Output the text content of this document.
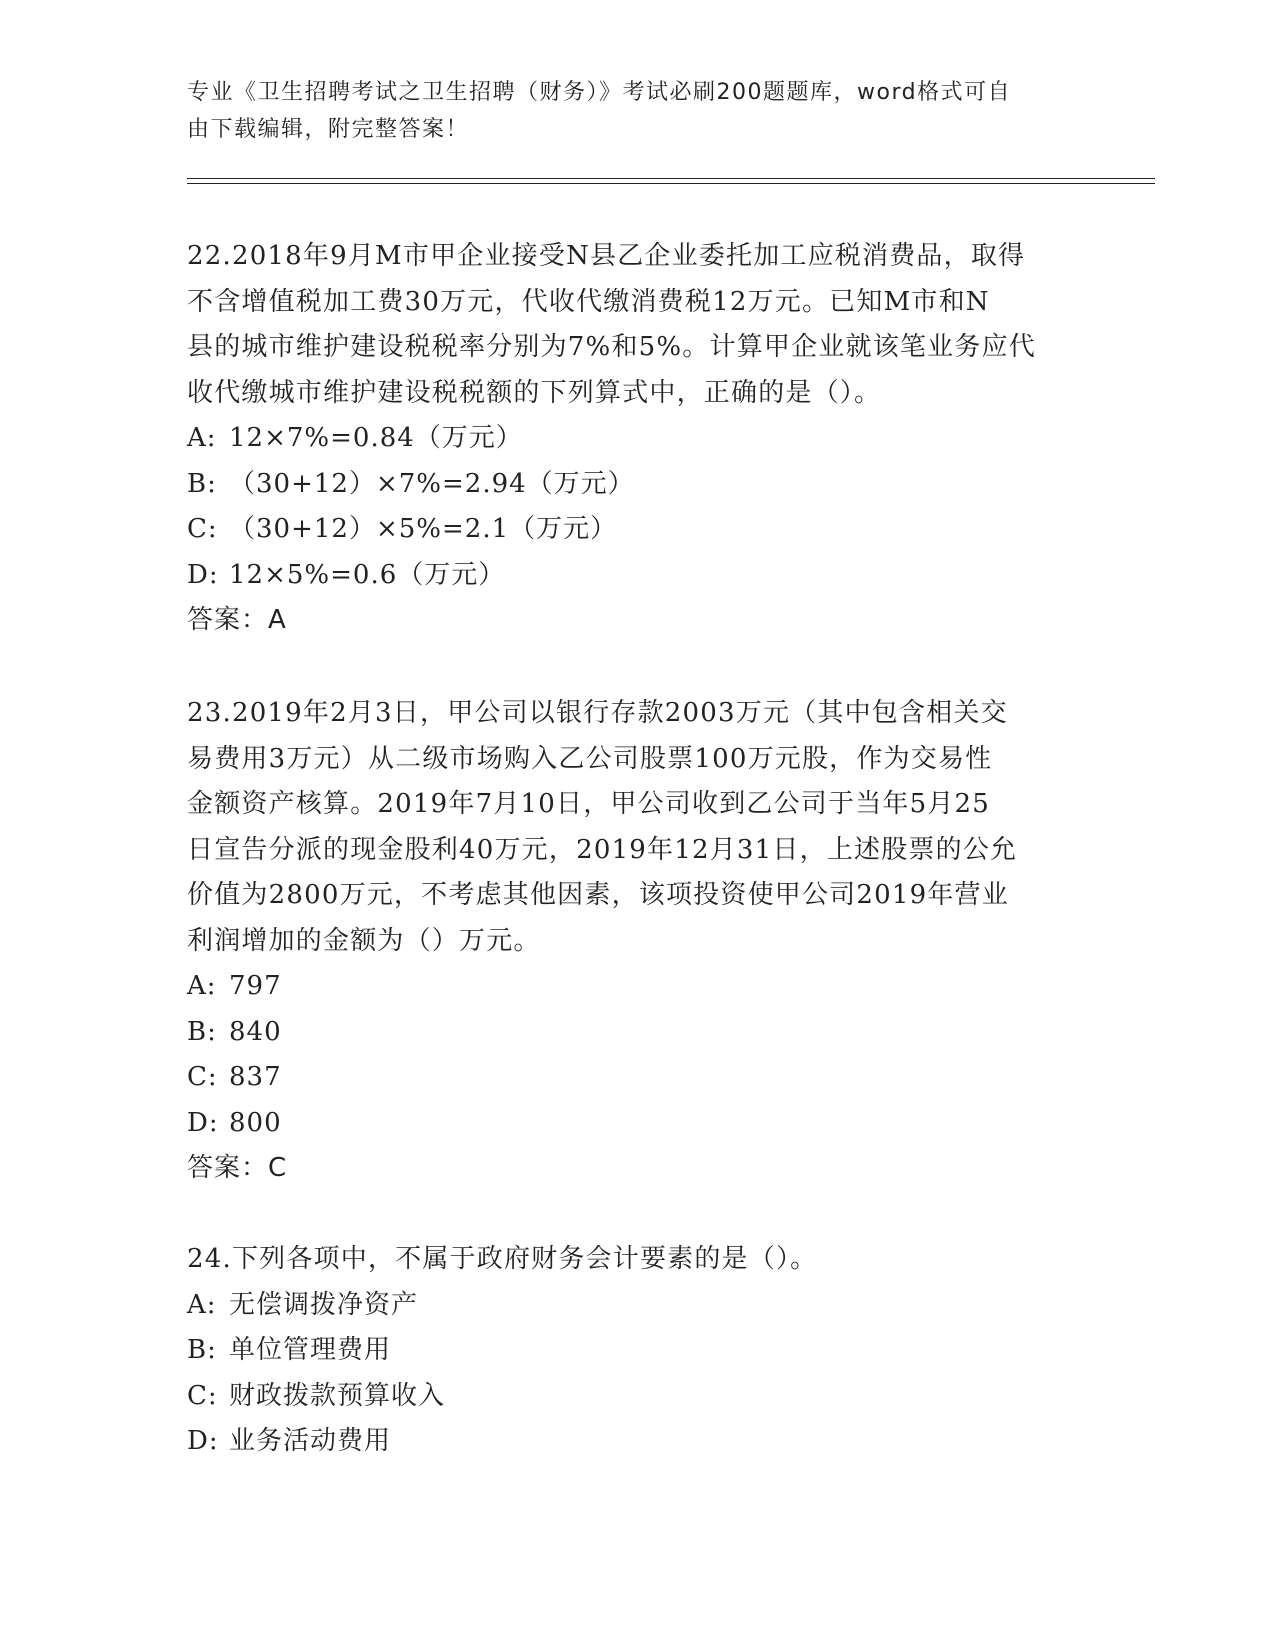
专业《卫生招聘考试之卫生招聘（财务）》考试必刷200题题库，word格式可自
由下载编辑，附完整答案！

22.2018年9月M市甲企业接受N县乙企业委托加工应税消费品，取得

不含增值税加工费30万元，代收代缴消费税12万元。已知M市和N

县的城市维护建设税税率分别为7%和5%。计算甲企业就该笔业务应代

收代缴城市维护建设税税额的下列算式中，正确的是（）。

A: 12×7%=0.84（万元）

B: （30+12）×7%=2.94（万元）

C: （30+12）×5%=2.1（万元）

D: 12×5%=0.6（万元）

答案：A

23.2019年2月3日，甲公司以银行存款2003万元（其中包含相关交

易费用3万元）从二级市场购入乙公司股票100万元股，作为交易性

金额资产核算。2019年7月10日，甲公司收到乙公司于当年5月25

日宣告分派的现金股利40万元，2019年12月31日，上述股票的公允

价值为2800万元，不考虑其他因素，该项投资使甲公司2019年营业

利润增加的金额为（）万元。

A: 797

B: 840

C: 837

D: 800

答案：C

24.下列各项中，不属于政府财务会计要素的是（）。

A: 无偿调拨净资产

B: 单位管理费用

C: 财政拨款预算收入

D: 业务活动费用
